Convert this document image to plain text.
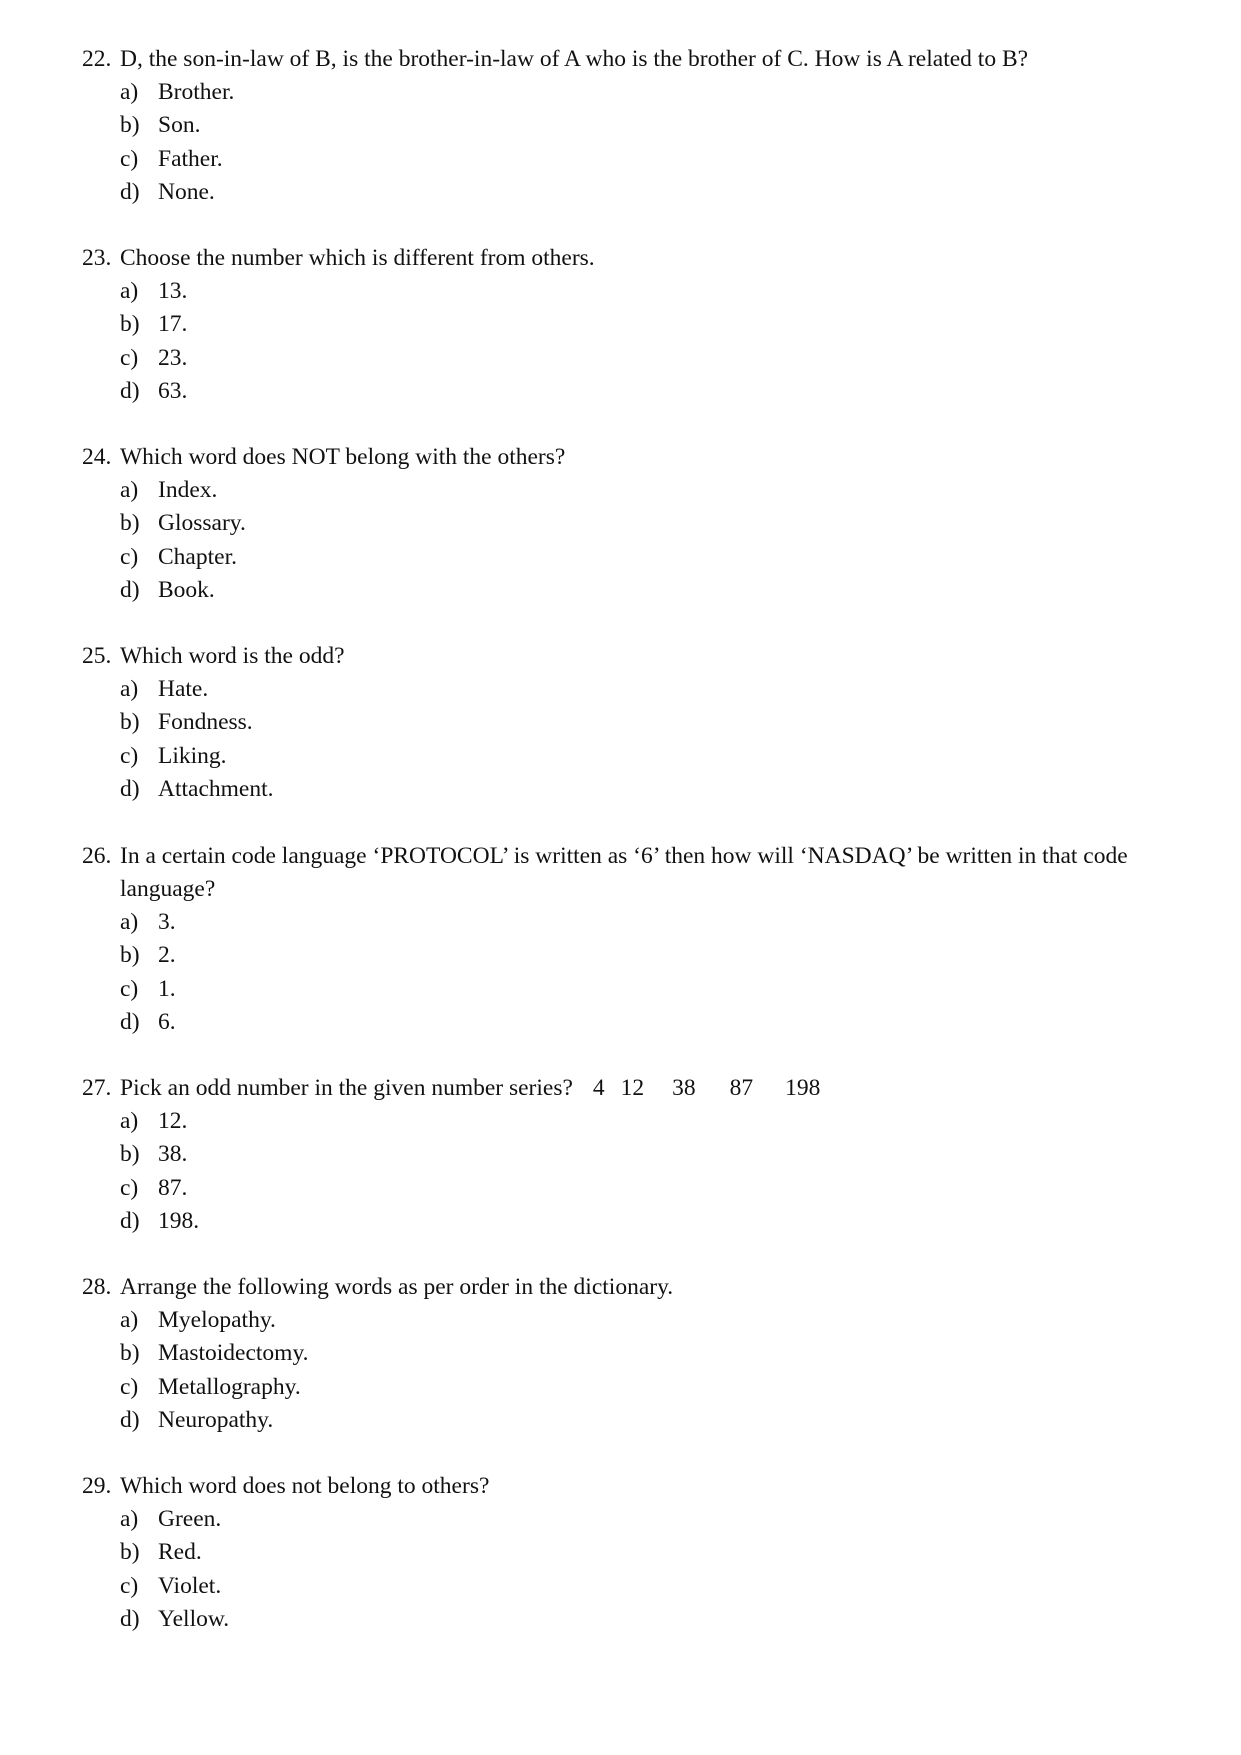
22. D, the son-in-law of B, is the brother-in-law of A who is the brother of C. How is A related to B?
a) Brother.
b) Son.
c) Father.
d) None.
23. Choose the number which is different from others.
a) 13.
b) 17.
c) 23.
d) 63.
24. Which word does NOT belong with the others?
a) Index.
b) Glossary.
c) Chapter.
d) Book.
25. Which word is the odd?
a) Hate.
b) Fondness.
c) Liking.
d) Attachment.
26. In a certain code language ‘PROTOCOL’ is written as ‘6’ then how will ‘NASDAQ’ be written in that code language?
a) 3.
b) 2.
c) 1.
d) 6.
27. Pick an odd number in the given number series? 4 12 38 87 198
a) 12.
b) 38.
c) 87.
d) 198.
28. Arrange the following words as per order in the dictionary.
a) Myelopathy.
b) Mastoidectomy.
c) Metallography.
d) Neuropathy.
29. Which word does not belong to others?
a) Green.
b) Red.
c) Violet.
d) Yellow.
